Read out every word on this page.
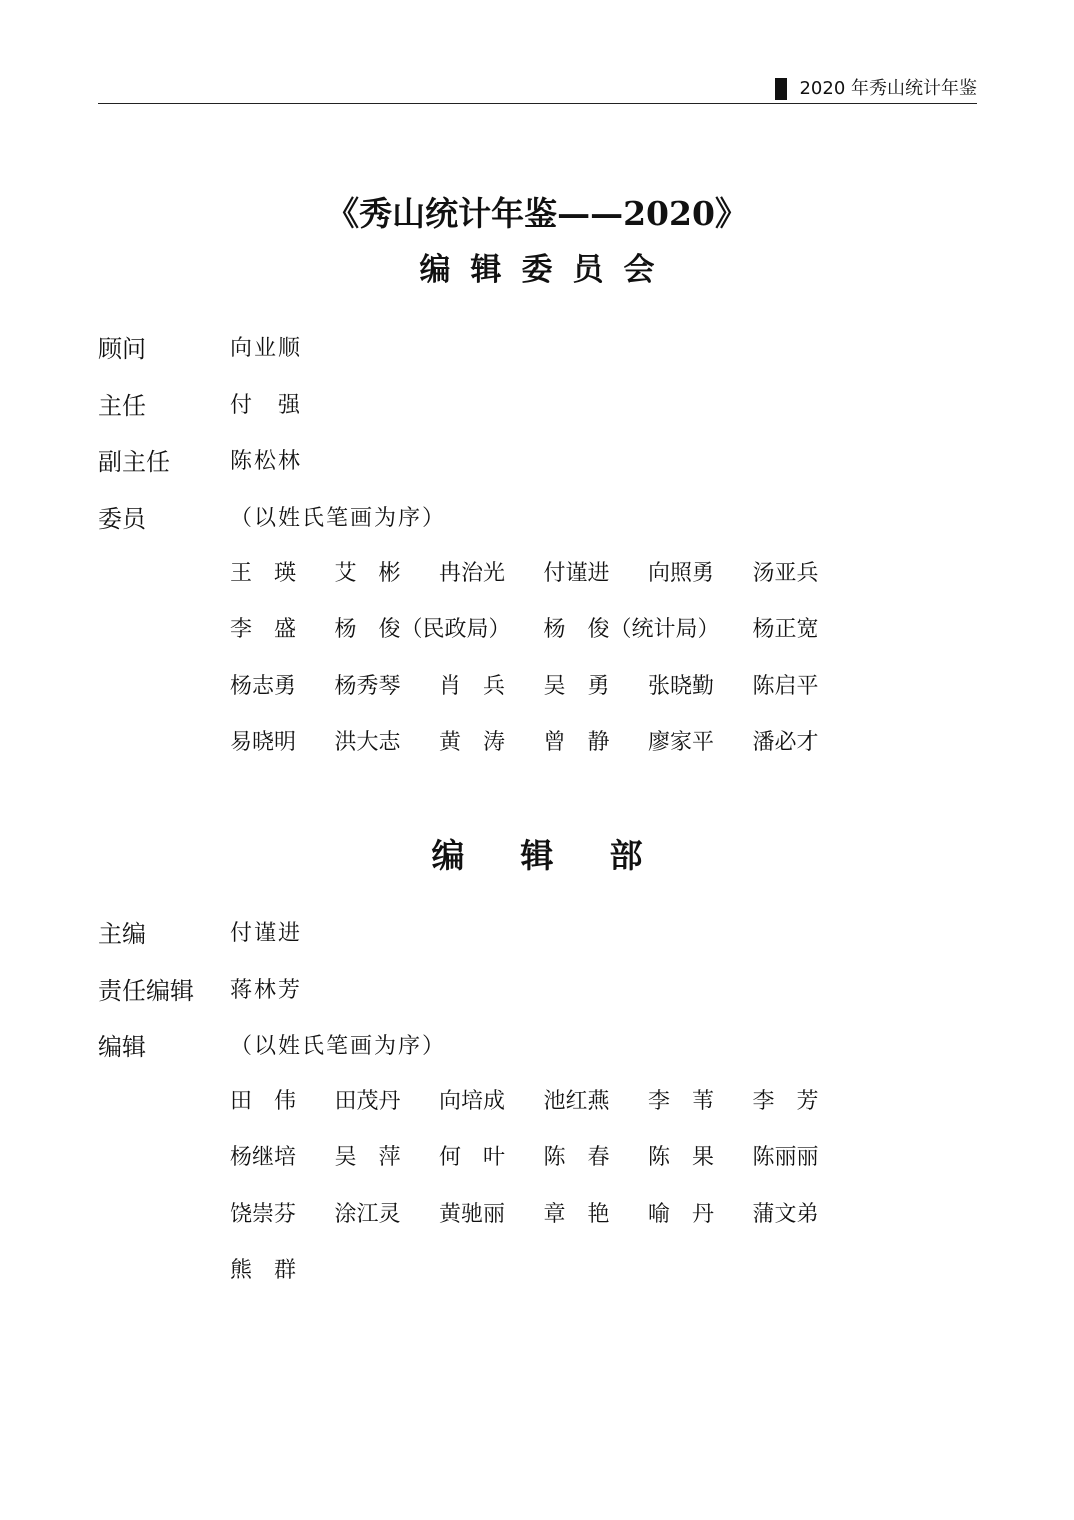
2020 年秀山统计年鉴
《秀山统计年鉴——2020》
编辑委员会
顾问	向业顺
主任	付　强
副主任	陈松林
委员	（以姓氏笔画为序）
王　瑛 艾　彬 冉治光 付谨进 向照勇 汤亚兵
李　盛 杨　俊（民政局） 杨　俊（统计局） 杨正宽
杨志勇 杨秀琴 肖　兵 吴　勇 张晓勤 陈启平
易晓明 洪大志 黄　涛 曾　静 廖家平 潘必才
编辑部
主编	付谨进
责任编辑	蒋林芳
编辑	（以姓氏笔画为序）
田　伟 田茂丹 向培成 池红燕 李　苇 李　芳
杨继培 吴　萍 何　叶 陈　春 陈　果 陈丽丽
饶崇芬 涂江灵 黄驰丽 章　艳 喻　丹 蒲文弟
熊　群
